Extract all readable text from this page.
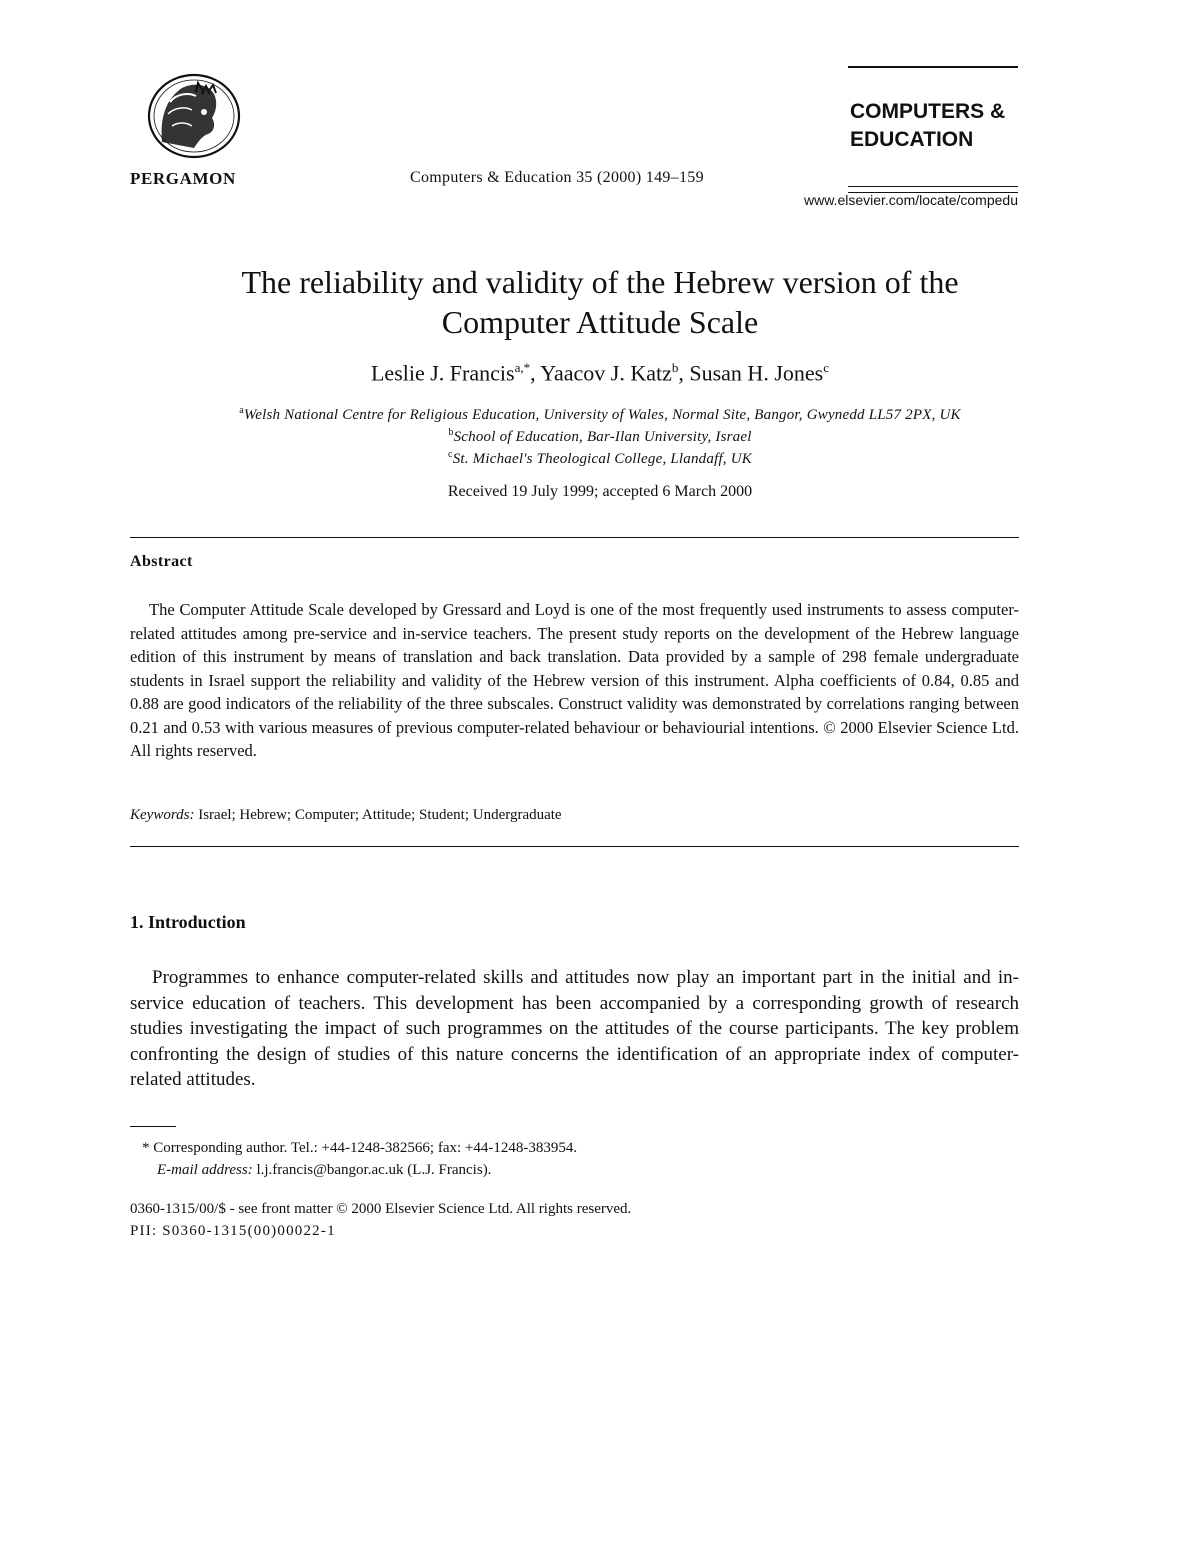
PERGAMON	Computers & Education 35 (2000) 149–159
COMPUTERS &
EDUCATION
www.elsevier.com/locate/compedu
The reliability and validity of the Hebrew version of the
Computer Attitude Scale
Leslie J. Francis$^{a,*}$, Yaacov J. Katz$^b$, Susan H. Jones$^c$
$^a$Welsh National Centre for Religious Education, University of Wales, Normal Site, Bangor, Gwynedd LL57 2PX, UK
$^b$School of Education, Bar-Ilan University, Israel
$^c$St. Michael's Theological College, Llandaff, UK
Received 19 July 1999; accepted 6 March 2000
Abstract
The Computer Attitude Scale developed by Gressard and Loyd is one of the most frequently used instruments to assess computer-related attitudes among pre-service and in-service teachers. The present study reports on the development of the Hebrew language edition of this instrument by means of translation and back translation. Data provided by a sample of 298 female undergraduate students in Israel support the reliability and validity of the Hebrew version of this instrument. Alpha coefficients of 0.84, 0.85 and 0.88 are good indicators of the reliability of the three subscales. Construct validity was demonstrated by correlations ranging between 0.21 and 0.53 with various measures of previous computer-related behaviour or behaviourial intentions. © 2000 Elsevier Science Ltd. All rights reserved.
Keywords: Israel; Hebrew; Computer; Attitude; Student; Undergraduate
1. Introduction
Programmes to enhance computer-related skills and attitudes now play an important part in the initial and in-service education of teachers. This development has been accompanied by a corresponding growth of research studies investigating the impact of such programmes on the attitudes of the course participants. The key problem confronting the design of studies of this nature concerns the identification of an appropriate index of computer-related attitudes.
* Corresponding author. Tel.: +44-1248-382566; fax: +44-1248-383954.
E-mail address: l.j.francis@bangor.ac.uk (L.J. Francis).
0360-1315/00/$ - see front matter © 2000 Elsevier Science Ltd. All rights reserved.
PII: S0360-1315(00)00022-1
